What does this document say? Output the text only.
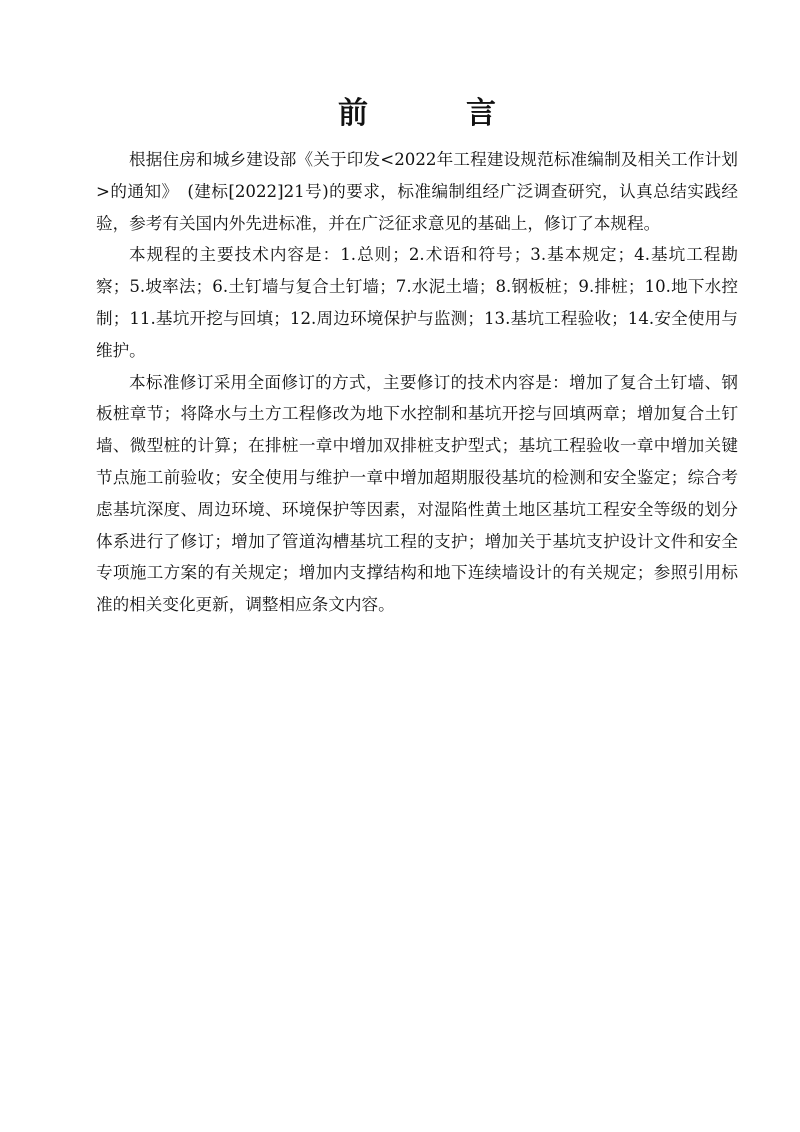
前　言

根据住房和城乡建设部《关于印发<2022年工程建设规范标准编制及相关工作计划>的通知》　(建标[2022]21号)的要求，标准编制组经广泛调查研究，认真总结实践经验，参考有关国内外先进标准，并在广泛征求意见的基础上，修订了本规程。

本规程的主要技术内容是：1.总则；2.术语和符号；3.基本规定；4.基坑工程勘察；5.坡率法；6.土钉墙与复合土钉墙；7.水泥土墙；8.钢板桩；9.排桩；10.地下水控制；11.基坑开挖与回填；12.周边环境保护与监测；13.基坑工程验收；14.安全使用与维护。

本标准修订采用全面修订的方式，主要修订的技术内容是：增加了复合土钉墙、钢板桩章节；将降水与土方工程修改为地下水控制和基坑开挖与回填两章；增加复合土钉墙、微型桩的计算；在排桩一章中增加双排桩支护型式；基坑工程验收一章中增加关键节点施工前验收；安全使用与维护一章中增加超期服役基坑的检测和安全鉴定；综合考虑基坑深度、周边环境、环境保护等因素，对湿陷性黄土地区基坑工程安全等级的划分体系进行了修订；增加了管道沟槽基坑工程的支护；增加关于基坑支护设计文件和安全专项施工方案的有关规定；增加内支撑结构和地下连续墙设计的有关规定；参照引用标准的相关变化更新，调整相应条文内容。
